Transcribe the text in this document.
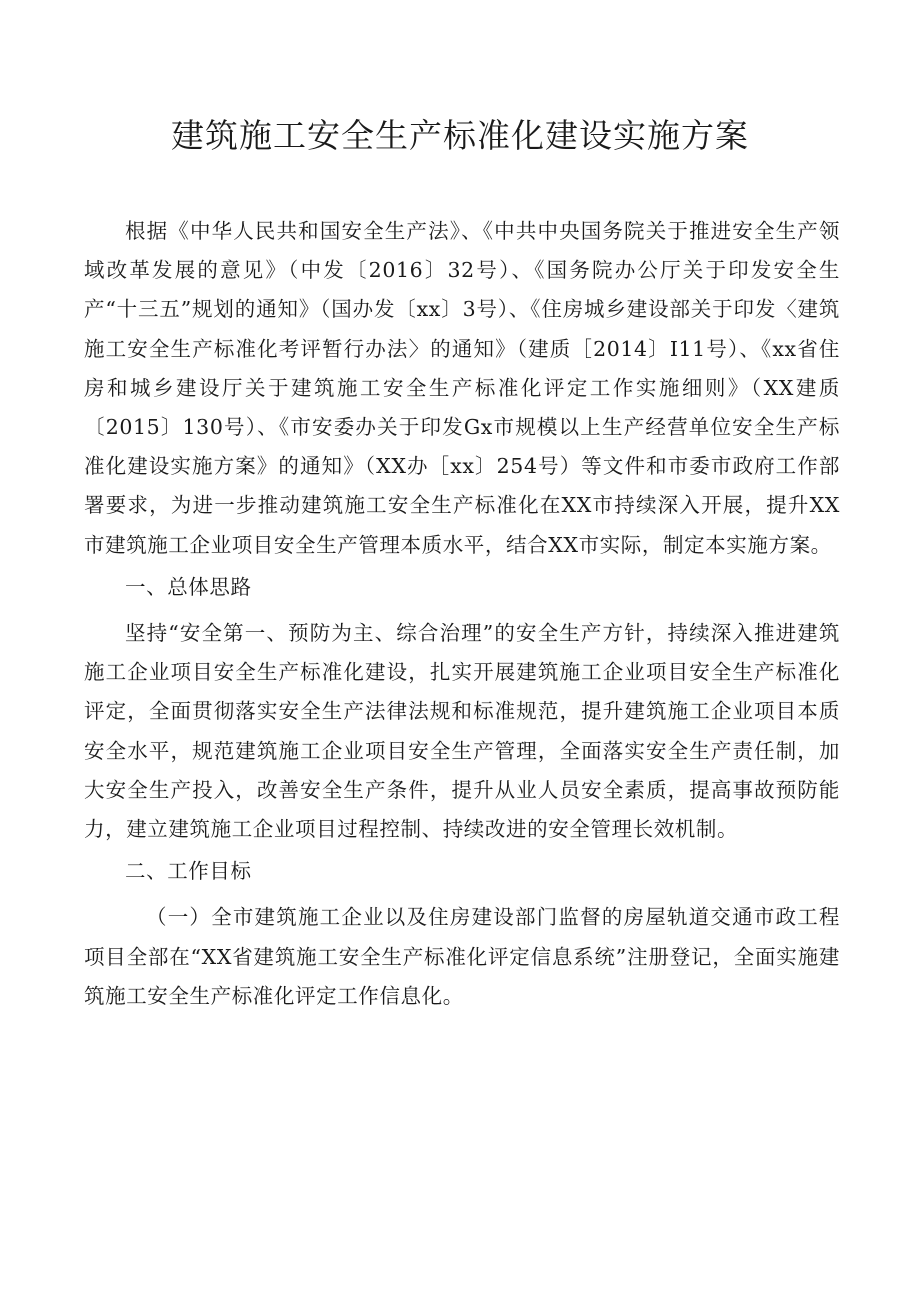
建筑施工安全生产标准化建设实施方案

根据《中华人民共和国安全生产法》、《中共中央国务院关于推进安全生产领域改革发展的意见》（中发〔2016〕32号）、《国务院办公厅关于印发安全生产“十三五”规划的通知》（国办发〔xx〕3号）、《住房城乡建设部关于印发〈建筑施工安全生产标准化考评暂行办法〉的通知》（建质［2014〕I11号）、《xx省住房和城乡建设厅关于建筑施工安全生产标准化评定工作实施细则》（XX建质〔2015〕130号）、《市安委办关于印发Gx市规模以上生产经营单位安全生产标准化建设实施方案》的通知》（XX办［xx〕254号）等文件和市委市政府工作部署要求，为进一步推动建筑施工安全生产标准化在XX市持续深入开展，提升XX市建筑施工企业项目安全生产管理本质水平，结合XX市实际，制定本实施方案。

一、总体思路

坚持“安全第一、预防为主、综合治理”的安全生产方针，持续深入推进建筑施工企业项目安全生产标准化建设，扎实开展建筑施工企业项目安全生产标准化评定，全面贯彻落实安全生产法律法规和标准规范，提升建筑施工企业项目本质安全水平，规范建筑施工企业项目安全生产管理，全面落实安全生产责任制，加大安全生产投入，改善安全生产条件，提升从业人员安全素质，提高事故预防能力，建立建筑施工企业项目过程控制、持续改进的安全管理长效机制。

二、工作目标

（一）全市建筑施工企业以及住房建设部门监督的房屋轨道交通市政工程项目全部在“XX省建筑施工安全生产标准化评定信息系统”注册登记，全面实施建筑施工安全生产标准化评定工作信息化。
